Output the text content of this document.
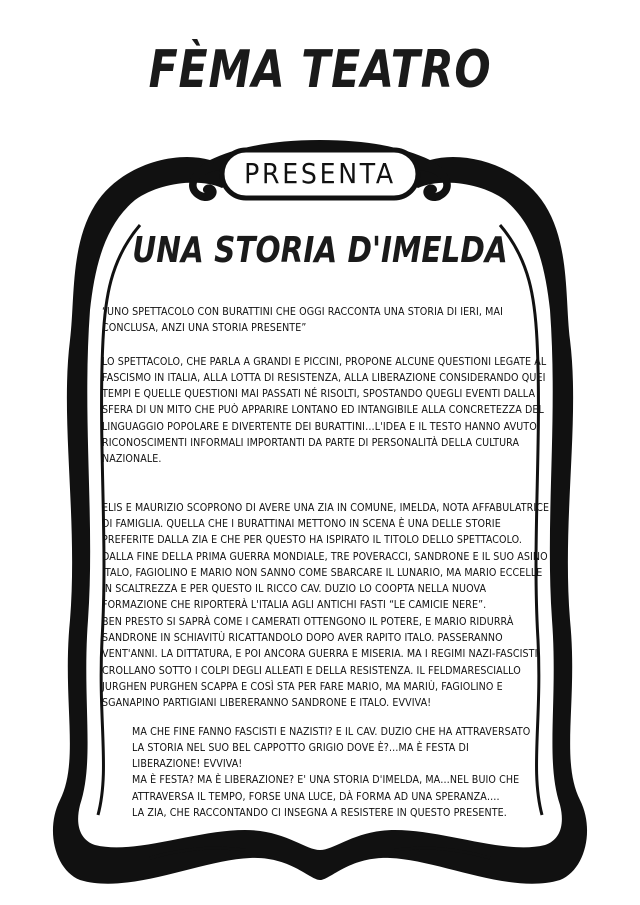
FÈMA TEATRO
PRESENTA
UNA STORIA D'IMELDA

“UNO SPETTACOLO CON BURATTINI CHE OGGI RACCONTA UNA STORIA DI IERI, MAI CONCLUSA, ANZI UNA STORIA PRESENTE”

LO SPETTACOLO, CHE PARLA A GRANDI E PICCINI, PROPONE ALCUNE QUESTIONI LEGATE AL FASCISMO IN ITALIA, ALLA LOTTA DI RESISTENZA, ALLA LIBERAZIONE CONSIDERANDO QUEI TEMPI E QUELLE QUESTIONI MAI PASSATI NÉ RISOLTI, SPOSTANDO QUEGLI EVENTI DALLA SFERA DI UN MITO CHE PUÒ APPARIRE LONTANO ED INTANGIBILE ALLA CONCRETEZZA DEL LINGUAGGIO POPOLARE E DIVERTENTE DEI BURATTINI…L'IDEA E IL TESTO HANNO AVUTO RICONOSCIMENTI INFORMALI IMPORTANTI DA PARTE DI PERSONALITÀ DELLA CULTURA NAZIONALE.

ELIS E MAURIZIO SCOPRONO DI AVERE UNA ZIA IN COMUNE, IMELDA, NOTA AFFABULATRICE DI FAMIGLIA. QUELLA CHE I BURATTINAI METTONO IN SCENA È UNA DELLE STORIE PREFERITE DALLA ZIA E CHE PER QUESTO HA ISPIRATO IL TITOLO DELLO SPETTACOLO.

DALLA FINE DELLA PRIMA GUERRA MONDIALE, TRE POVERACCI, SANDRONE E IL SUO ASINO ITALO, FAGIOLINO E MARIO NON SANNO COME SBARCARE IL LUNARIO, MA MARIO ECCELLE IN SCALTREZZA E PER QUESTO IL RICCO CAV. DUZIO LO COOPTA NELLA NUOVA FORMAZIONE CHE RIPORTERÀ L'ITALIA AGLI ANTICHI FASTI “LE CAMICIE NERE”.

BEN PRESTO SI SAPRÀ COME I CAMERATI OTTENGONO IL POTERE, E MARIO RIDURRÀ SANDRONE IN SCHIAVITÙ RICATTANDOLO DOPO AVER RAPITO ITALO. PASSERANNO VENT'ANNI. LA DITTATURA, E POI ANCORA GUERRA E MISERIA. MA I REGIMI NAZI-FASCISTI CROLLANO SOTTO I COLPI DEGLI ALLEATI E DELLA RESISTENZA. IL FELDMARESCIALLO JURGHEN PURGHEN SCAPPA E COSÌ STA PER FARE MARIO, MA MARIÙ, FAGIOLINO E SGANAPINO PARTIGIANI LIBERERANNO SANDRONE E ITALO. EVVIVA!

MA CHE FINE FANNO FASCISTI E NAZISTI? E IL CAV. DUZIO CHE HA ATTRAVERSATO LA STORIA NEL SUO BEL CAPPOTTO GRIGIO DOVE È?…MA È FESTA DI LIBERAZIONE! EVVIVA!

MA È FESTA? MA È LIBERAZIONE? E' UNA STORIA D'IMELDA, MA…NEL BUIO CHE ATTRAVERSA IL TEMPO, FORSE UNA LUCE, DÀ FORMA AD UNA SPERANZA….

LA ZIA, CHE RACCONTANDO CI INSEGNA A RESISTERE IN QUESTO PRESENTE.
